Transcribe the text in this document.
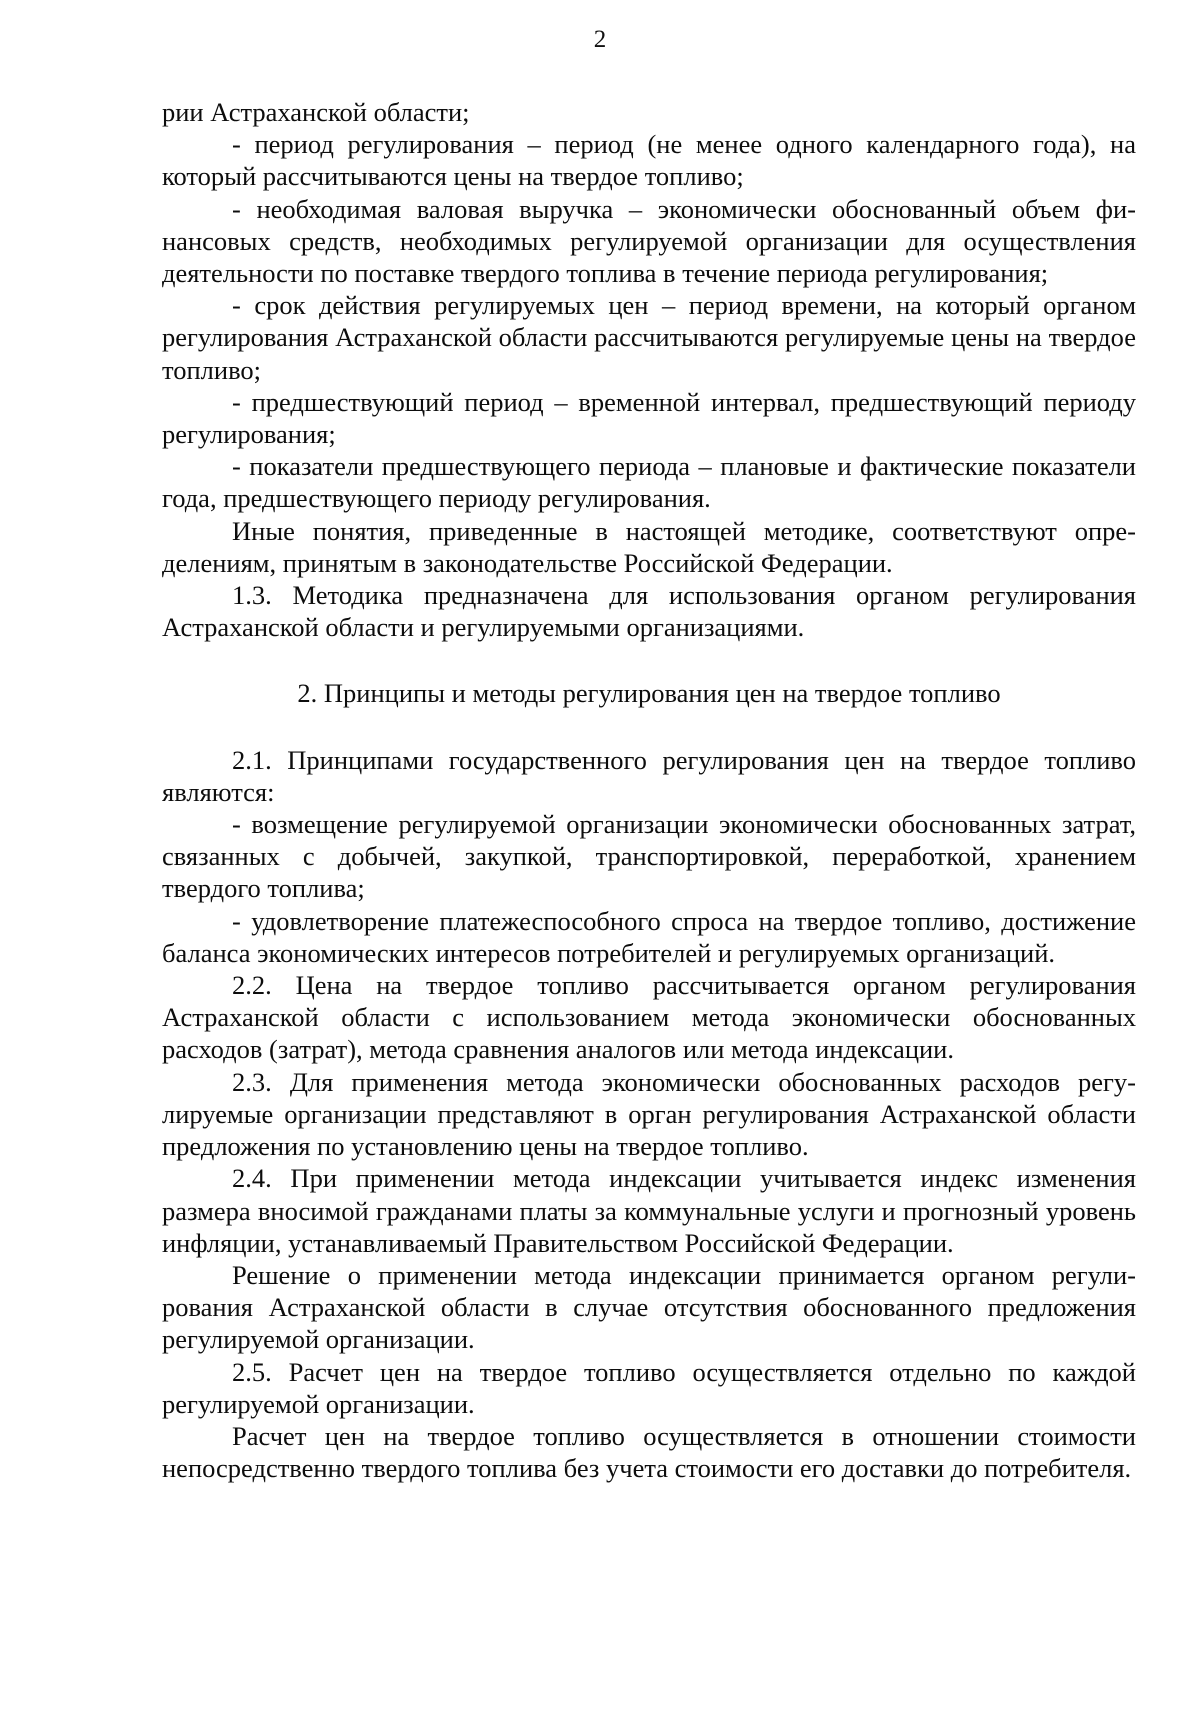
2

рии Астраханской области;

- период регулирования – период (не менее одного календарного года), на который рассчитываются цены на твердое топливо;

- необходимая валовая выручка – экономически обоснованный объем финансовых средств, необходимых регулируемой организации для осуществления деятельности по поставке твердого топлива в течение периода регулирования;

- срок действия регулируемых цен – период времени, на который органом регулирования Астраханской области рассчитываются регулируемые цены на твердое топливо;

- предшествующий период – временной интервал, предшествующий периоду регулирования;

- показатели предшествующего периода – плановые и фактические показатели года, предшествующего периоду регулирования.

Иные понятия, приведенные в настоящей методике, соответствуют определениям, принятым в законодательстве Российской Федерации.

1.3. Методика предназначена для использования органом регулирования Астраханской области и регулируемыми организациями.

2. Принципы и методы регулирования цен на твердое топливо

2.1. Принципами государственного регулирования цен на твердое топливо являются:

- возмещение регулируемой организации экономически обоснованных затрат, связанных с добычей, закупкой, транспортировкой, переработкой, хранением твердого топлива;

- удовлетворение платежеспособного спроса на твердое топливо, достижение баланса экономических интересов потребителей и регулируемых организаций.

2.2. Цена на твердое топливо рассчитывается органом регулирования Астраханской области с использованием метода экономически обоснованных расходов (затрат), метода сравнения аналогов или метода индексации.

2.3. Для применения метода экономически обоснованных расходов регулируемые организации представляют в орган регулирования Астраханской области предложения по установлению цены на твердое топливо.

2.4. При применении метода индексации учитывается индекс изменения размера вносимой гражданами платы за коммунальные услуги и прогнозный уровень инфляции, устанавливаемый Правительством Российской Федерации.

Решение о применении метода индексации принимается органом регулирования Астраханской области в случае отсутствия обоснованного предложения регулируемой организации.

2.5. Расчет цен на твердое топливо осуществляется отдельно по каждой регулируемой организации.

Расчет цен на твердое топливо осуществляется в отношении стоимости непосредственно твердого топлива без учета стоимости его доставки до потребителя.
